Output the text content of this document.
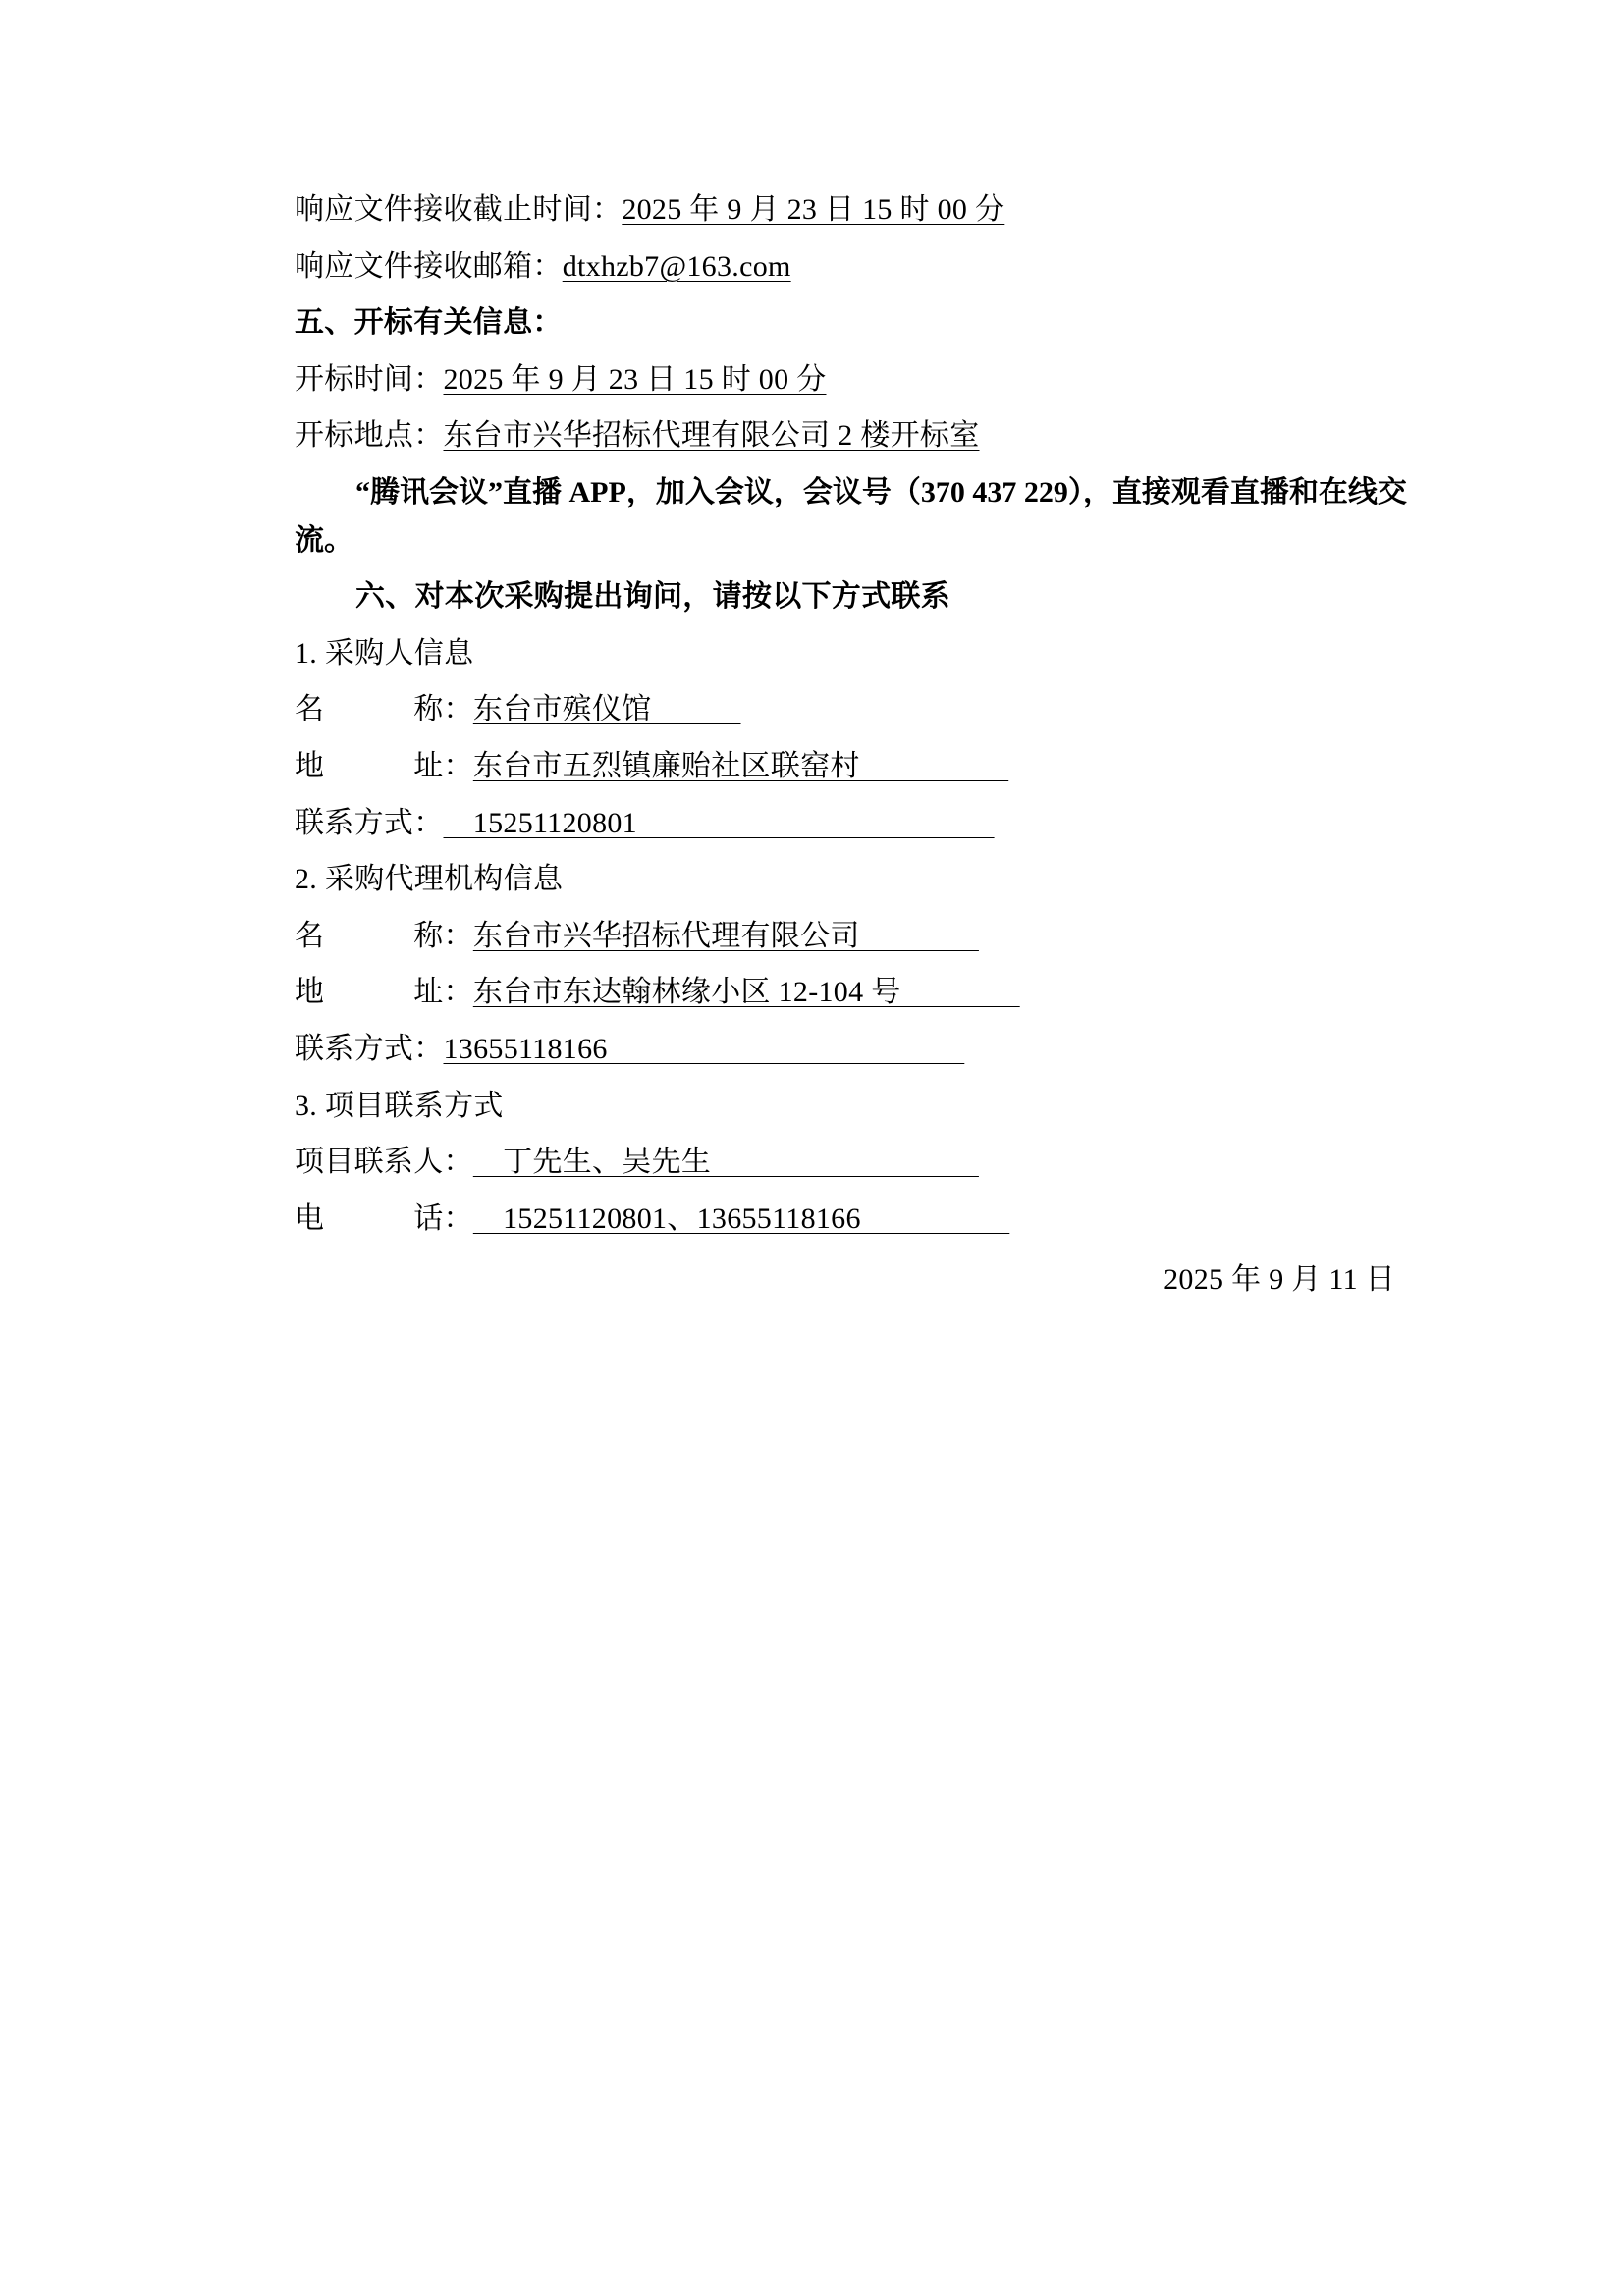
响应文件接收截止时间：2025 年 9 月 23 日 15 时 00 分
响应文件接收邮箱：dtxhzb7@163.com
五、开标有关信息：
开标时间：2025 年 9 月 23 日 15 时 00 分
开标地点：东台市兴华招标代理有限公司 2 楼开标室
“腾讯会议”直播 APP，加入会议，会议号（370 437 229），直接观看直播和在线交流。
六、对本次采购提出询问，请按以下方式联系
1. 采购人信息
名　　　称：东台市殡仪馆　　　
地　　　址：东台市五烈镇廉贻社区联窑村　　　　　
联系方式：　15251120801　　　　　　　　　　　　
2. 采购代理机构信息
名　　　称：东台市兴华招标代理有限公司　　　　
地　　　址：东台市东达翰林缘小区 12-104 号　　　　
联系方式：13655118166　　　　　　　　　　　　
3. 项目联系方式
项目联系人：　丁先生、吴先生　　　　　　　　　
电　　　话：　15251120801、13655118166　　　　　
2025 年 9 月 11 日
